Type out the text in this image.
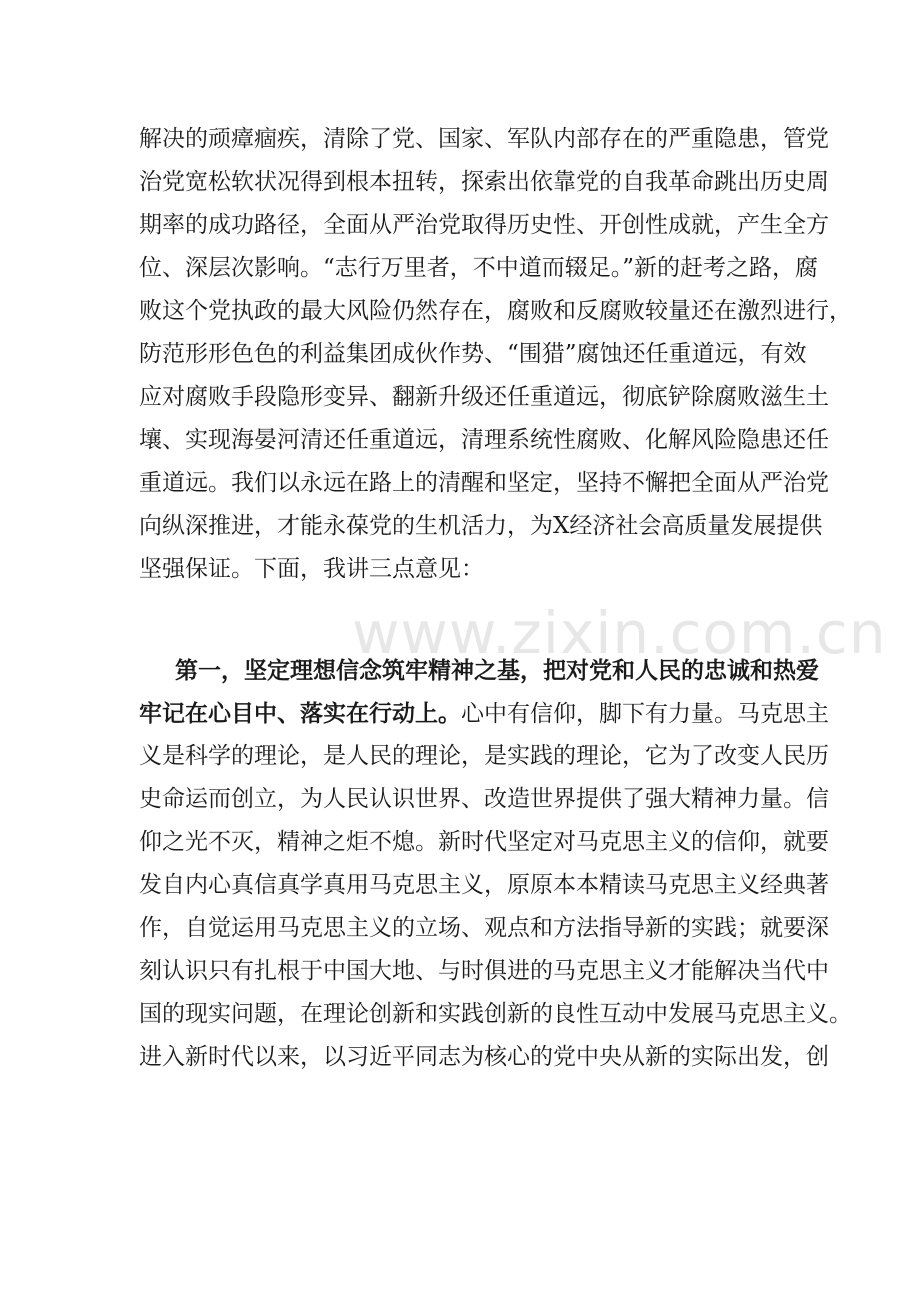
解决的顽瘴痼疾，清除了党、国家、军队内部存在的严重隐患，管党
治党宽松软状况得到根本扭转，探索出依靠党的自我革命跳出历史周
期率的成功路径，全面从严治党取得历史性、开创性成就，产生全方
位、深层次影响。“志行万里者，不中道而辍足。”新的赶考之路，腐
败这个党执政的最大风险仍然存在，腐败和反腐败较量还在激烈进行，
防范形形色色的利益集团成伙作势、“围猎”腐蚀还任重道远，有效
应对腐败手段隐形变异、翻新升级还任重道远，彻底铲除腐败滋生土
壤、实现海晏河清还任重道远，清理系统性腐败、化解风险隐患还任
重道远。我们以永远在路上的清醒和坚定，坚持不懈把全面从严治党
向纵深推进，才能永葆党的生机活力，为X经济社会高质量发展提供
坚强保证。下面，我讲三点意见：
第一，坚定理想信念筑牢精神之基，把对党和人民的忠诚和热爱
牢记在心目中、落实在行动上。心中有信仰，脚下有力量。马克思主
义是科学的理论，是人民的理论，是实践的理论，它为了改变人民历
史命运而创立，为人民认识世界、改造世界提供了强大精神力量。信
仰之光不灭，精神之炬不熄。新时代坚定对马克思主义的信仰，就要
发自内心真信真学真用马克思主义，原原本本精读马克思主义经典著
作，自觉运用马克思主义的立场、观点和方法指导新的实践；就要深
刻认识只有扎根于中国大地、与时俱进的马克思主义才能解决当代中
国的现实问题，在理论创新和实践创新的良性互动中发展马克思主义。
进入新时代以来，以习近平同志为核心的党中央从新的实际出发，创
www.zixin.com.cn
